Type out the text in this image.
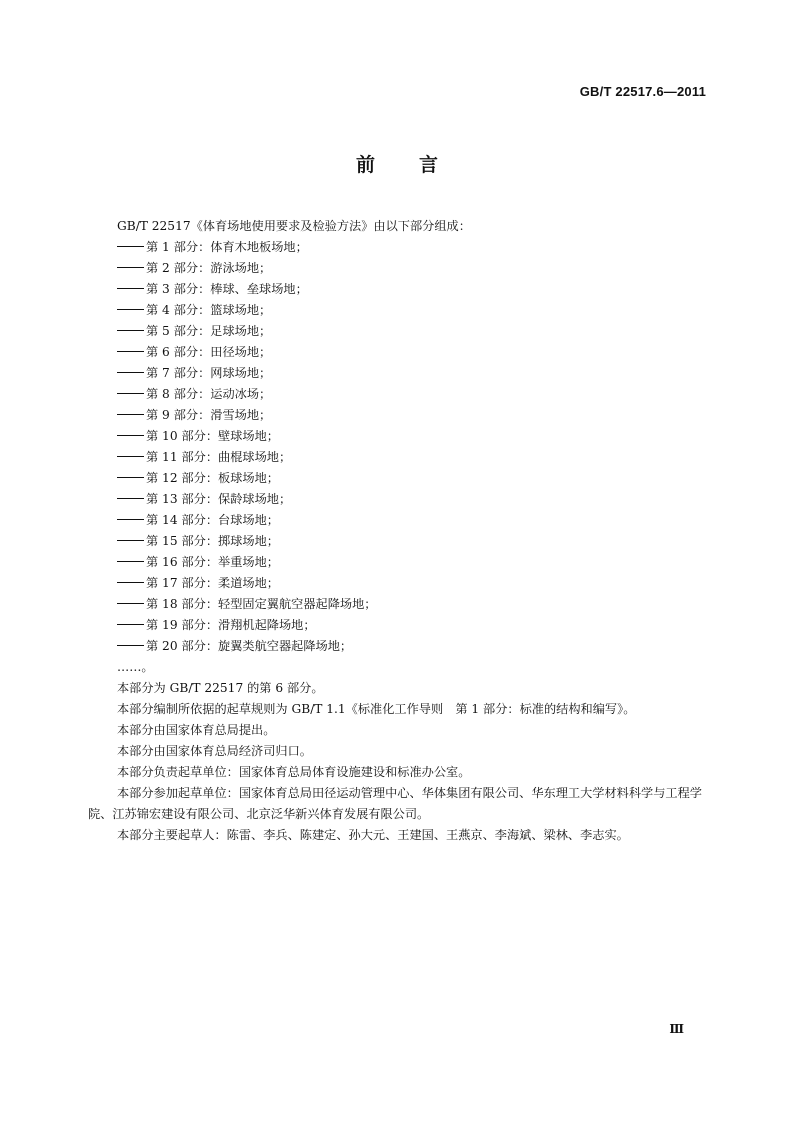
GB/T 22517.6—2011
前 言
GB/T 22517《体育场地使用要求及检验方法》由以下部分组成：
第 1 部分：体育木地板场地；
第 2 部分：游泳场地；
第 3 部分：棒球、垒球场地；
第 4 部分：篮球场地；
第 5 部分：足球场地；
第 6 部分：田径场地；
第 7 部分：网球场地；
第 8 部分：运动冰场；
第 9 部分：滑雪场地；
第 10 部分：壁球场地；
第 11 部分：曲棍球场地；
第 12 部分：板球场地；
第 13 部分：保龄球场地；
第 14 部分：台球场地；
第 15 部分：掷球场地；
第 16 部分：举重场地；
第 17 部分：柔道场地；
第 18 部分：轻型固定翼航空器起降场地；
第 19 部分：滑翔机起降场地；
第 20 部分：旋翼类航空器起降场地；
……。
本部分为 GB/T 22517 的第 6 部分。
本部分编制所依据的起草规则为 GB/T 1.1《标准化工作导则　第 1 部分：标准的结构和编写》。
本部分由国家体育总局提出。
本部分由国家体育总局经济司归口。
本部分负责起草单位：国家体育总局体育设施建设和标准办公室。
本部分参加起草单位：国家体育总局田径运动管理中心、华体集团有限公司、华东理工大学材料科学与工程学院、江苏锦宏建设有限公司、北京泛华新兴体育发展有限公司。
本部分主要起草人：陈雷、李兵、陈建定、孙大元、王建国、王燕京、李海斌、梁林、李志实。
Ⅲ
